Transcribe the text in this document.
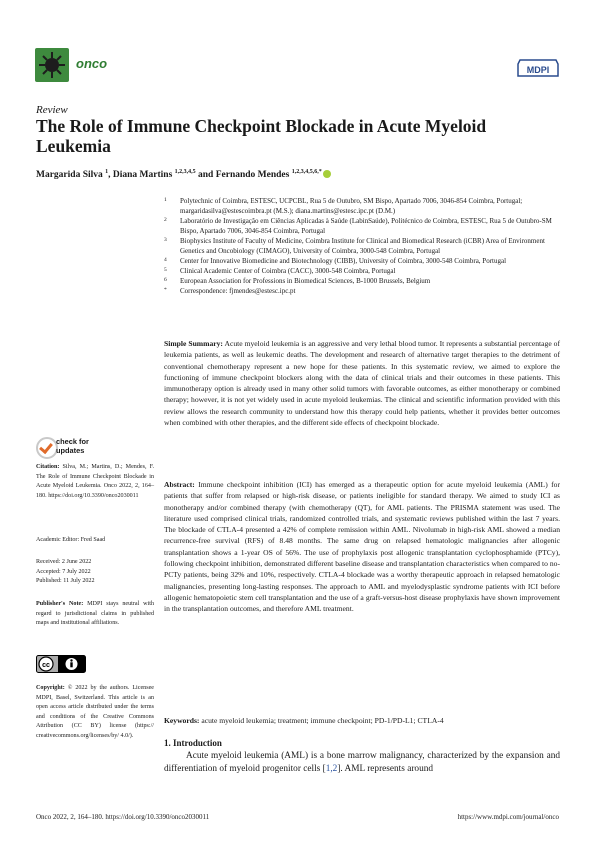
onco	MDPI
Review
The Role of Immune Checkpoint Blockade in Acute Myeloid Leukemia
Margarida Silva $^1$, Diana Martins $^{1,2,3,4,5}$ and Fernando Mendes $^{1,2,3,4,5,6,*}$
1 Polytechnic of Coimbra, ESTESC, UCPCBL, Rua 5 de Outubro, SM Bispo, Apartado 7006, 3046-854 Coimbra, Portugal; margaridasilva@estescoimbra.pt (M.S.); diana.martins@estesc.ipc.pt (D.M.)
2 Laboratório de Investigação em Ciências Aplicadas à Saúde (LabinSaúde), Politécnico de Coimbra, ESTESC, Rua 5 de Outubro-SM Bispo, Apartado 7006, 3046-854 Coimbra, Portugal
3 Biophysics Institute of Faculty of Medicine, Coimbra Institute for Clinical and Biomedical Research (iCBR) Area of Environment Genetics and Oncobiology (CIMAGO), University of Coimbra, 3000-548 Coimbra, Portugal
4 Center for Innovative Biomedicine and Biotechnology (CIBB), University of Coimbra, 3000-548 Coimbra, Portugal
5 Clinical Academic Center of Coimbra (CACC), 3000-548 Coimbra, Portugal
6 European Association for Professions in Biomedical Sciences, B-1000 Brussels, Belgium
* Correspondence: fjmendes@estesc.ipc.pt
Simple Summary: Acute myeloid leukemia is an aggressive and very lethal blood tumor. It represents a substantial percentage of leukemia patients, as well as leukemic deaths. The development and research of alternative target therapies to the detriment of conventional chemotherapy represent a new hope for these patients. In this systematic review, we aimed to explore the functioning of immune checkpoint blockers along with the data of clinical trials and their outcomes in these patients. This immunotherapy option is already used in many other solid tumors with favorable outcomes, as either monotherapy or combined therapy; however, it is not yet widely used in acute myeloid leukemias. The clinical and scientific information provided with this review allows the research community to understand how this therapy could help patients, whether it provides better outcomes when combined with other therapies, and the different side effects of checkpoint blockade.
Abstract: Immune checkpoint inhibition (ICI) has emerged as a therapeutic option for acute myeloid leukemia (AML) for patients that suffer from relapsed or high-risk disease, or patients ineligible for standard therapy. We aimed to study ICI as monotherapy and/or combined therapy (with chemotherapy (QT), for AML patients. The PRISMA statement was used. The literature used comprised clinical trials, randomized controlled trials, and systematic reviews published within the last 7 years. The blockade of CTLA-4 presented a 42% of complete remission within AML. Nivolumab in high-risk AML showed a median recurrence-free survival (RFS) of 8.48 months. The same drug on relapsed hematologic malignancies after allogenic transplantation shows a 1-year OS of 56%. The use of prophylaxis post allogenic transplantation cyclophosphamide (PTCy), following checkpoint inhibition, demonstrated different baseline disease and transplantation characteristics when compared to no-PCTy patients, being 32% and 10%, respectively. CTLA-4 blockade was a worthy therapeutic approach in relapsed hematologic malignancies, presenting long-lasting responses. The approach to AML and myelodysplastic syndrome patients with ICI before allogenic hematopoietic stem cell transplantation and the use of a graft-versus-host disease prophylaxis have shown improvement in the transplantation outcomes, and therefore AML treatment.
Keywords: acute myeloid leukemia; treatment; immune checkpoint; PD-1/PD-L1; CTLA-4
1. Introduction
Acute myeloid leukemia (AML) is a bone marrow malignancy, characterized by the expansion and differentiation of myeloid progenitor cells [1,2]. AML represents around
check for
updates
Citation: Silva, M.; Martins, D.; Mendes, F. The Role of Immune Checkpoint Blockade in Acute Myeloid Leukemia. Onco 2022, 2, 164–180. https://doi.org/10.3390/onco2030011
Academic Editor: Fred Saad
Received: 2 June 2022
Accepted: 7 July 2022
Published: 11 July 2022
Publisher's Note: MDPI stays neutral with regard to jurisdictional claims in published maps and institutional affiliations.
cc
Copyright: © 2022 by the authors. Licensee MDPI, Basel, Switzerland. This article is an open access article distributed under the terms and conditions of the Creative Commons Attribution (CC BY) license (https:// creativecommons.org/licenses/by/ 4.0/).
Onco 2022, 2, 164–180. https://doi.org/10.3390/onco2030011	https://www.mdpi.com/journal/onco
